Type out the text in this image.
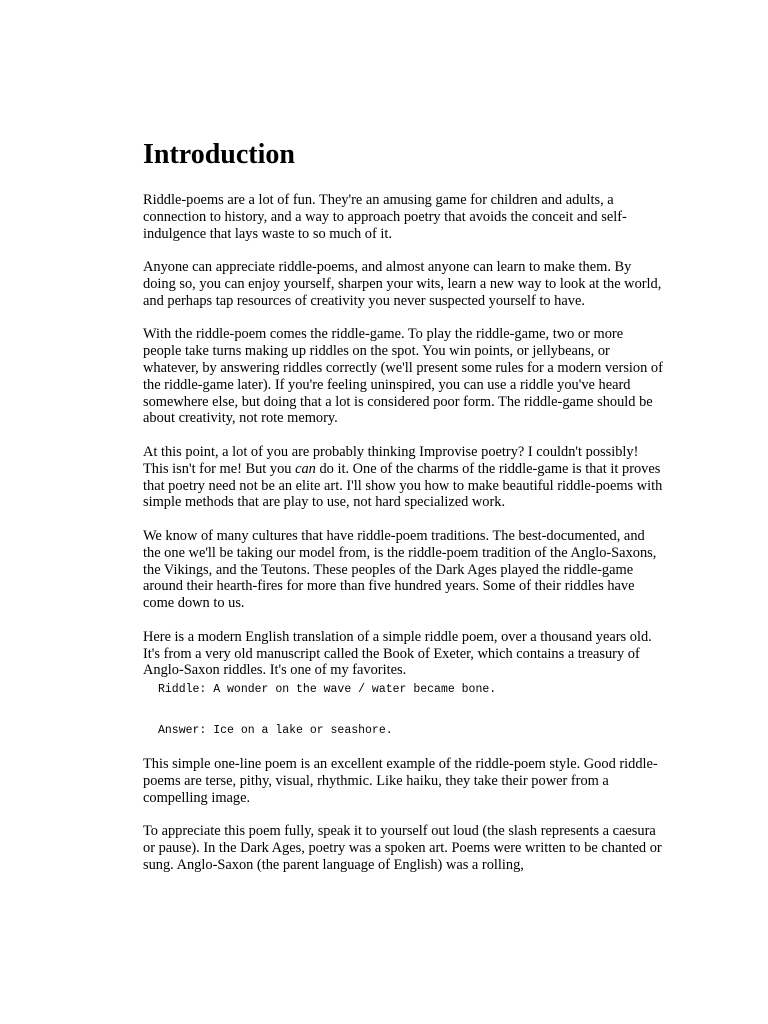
Introduction

Riddle-poems are a lot of fun. They're an amusing game for children and adults, a connection to history, and a way to approach poetry that avoids the conceit and self-indulgence that lays waste to so much of it.

Anyone can appreciate riddle-poems, and almost anyone can learn to make them. By doing so, you can enjoy yourself, sharpen your wits, learn a new way to look at the world, and perhaps tap resources of creativity you never suspected yourself to have.

With the riddle-poem comes the riddle-game. To play the riddle-game, two or more people take turns making up riddles on the spot. You win points, or jellybeans, or whatever, by answering riddles correctly (we'll present some rules for a modern version of the riddle-game later). If you're feeling uninspired, you can use a riddle you've heard somewhere else, but doing that a lot is considered poor form. The riddle-game should be about creativity, not rote memory.

At this point, a lot of you are probably thinking Improvise poetry? I couldn't possibly! This isn't for me! But you can do it. One of the charms of the riddle-game is that it proves that poetry need not be an elite art. I'll show you how to make beautiful riddle-poems with simple methods that are play to use, not hard specialized work.

We know of many cultures that have riddle-poem traditions. The best-documented, and the one we'll be taking our model from, is the riddle-poem tradition of the Anglo-Saxons, the Vikings, and the Teutons. These peoples of the Dark Ages played the riddle-game around their hearth-fires for more than five hundred years. Some of their riddles have come down to us.

Here is a modern English translation of a simple riddle poem, over a thousand years old. It's from a very old manuscript called the Book of Exeter, which contains a treasury of Anglo-Saxon riddles. It's one of my favorites.

Riddle: A wonder on the wave / water became bone.
Answer: Ice on a lake or seashore.

This simple one-line poem is an excellent example of the riddle-poem style. Good riddle-poems are terse, pithy, visual, rhythmic. Like haiku, they take their power from a compelling image.

To appreciate this poem fully, speak it to yourself out loud (the slash represents a caesura or pause). In the Dark Ages, poetry was a spoken art. Poems were written to be chanted or sung. Anglo-Saxon (the parent language of English) was a rolling,
